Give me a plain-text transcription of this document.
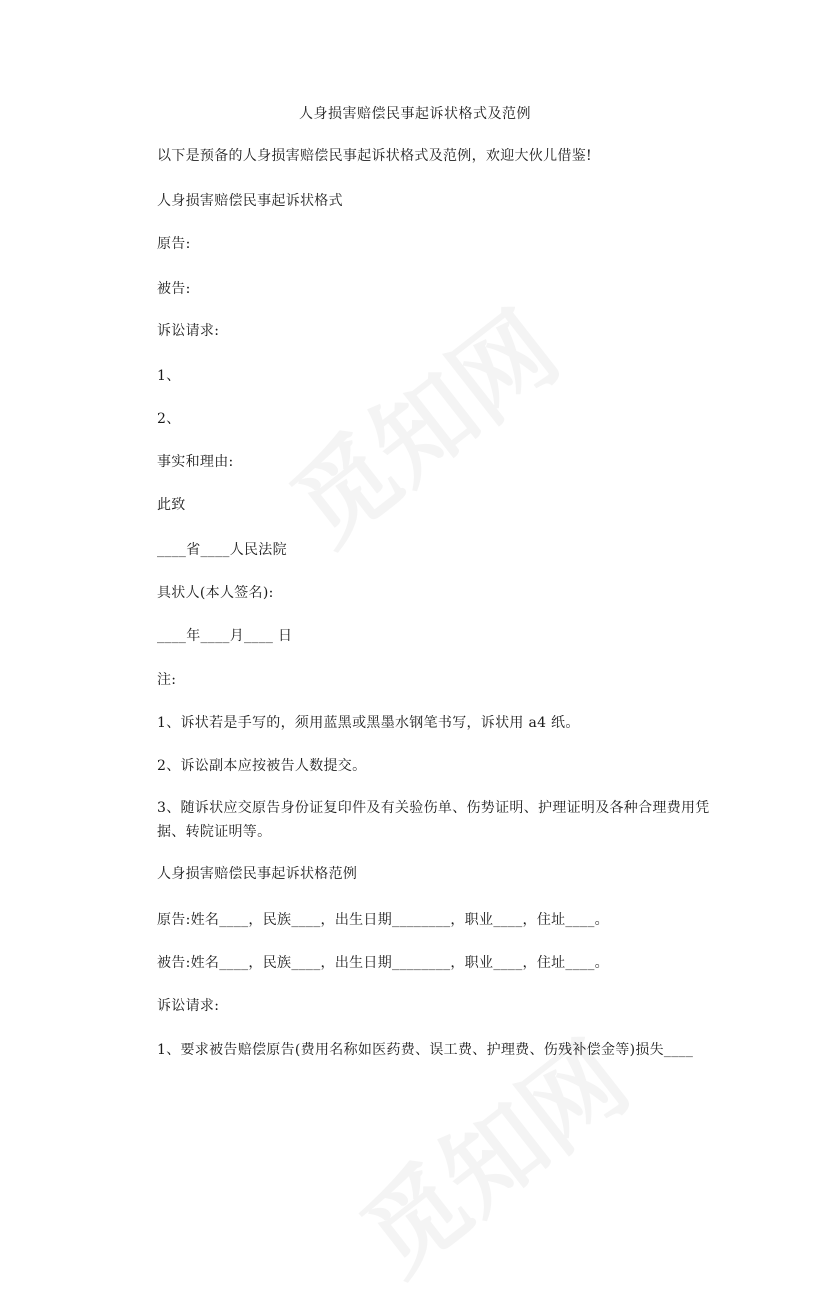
人身损害赔偿民事起诉状格式及范例
以下是预备的人身损害赔偿民事起诉状格式及范例，欢迎大伙儿借鉴!
人身损害赔偿民事起诉状格式
原告:
被告:
诉讼请求:
1、
2、
事实和理由:
此致
____省____人民法院
具状人(本人签名):
____年____月____ 日
注:
1、诉状若是手写的，须用蓝黑或黑墨水钢笔书写，诉状用 a4 纸。
2、诉讼副本应按被告人数提交。
3、随诉状应交原告身份证复印件及有关验伤单、伤势证明、护理证明及各种合理费用凭据、转院证明等。
人身损害赔偿民事起诉状格范例
原告:姓名____，民族____，出生日期________，职业____，住址____。
被告:姓名____，民族____，出生日期________，职业____，住址____。
诉讼请求:
1、要求被告赔偿原告(费用名称如医药费、误工费、护理费、伤残补偿金等)损失____
